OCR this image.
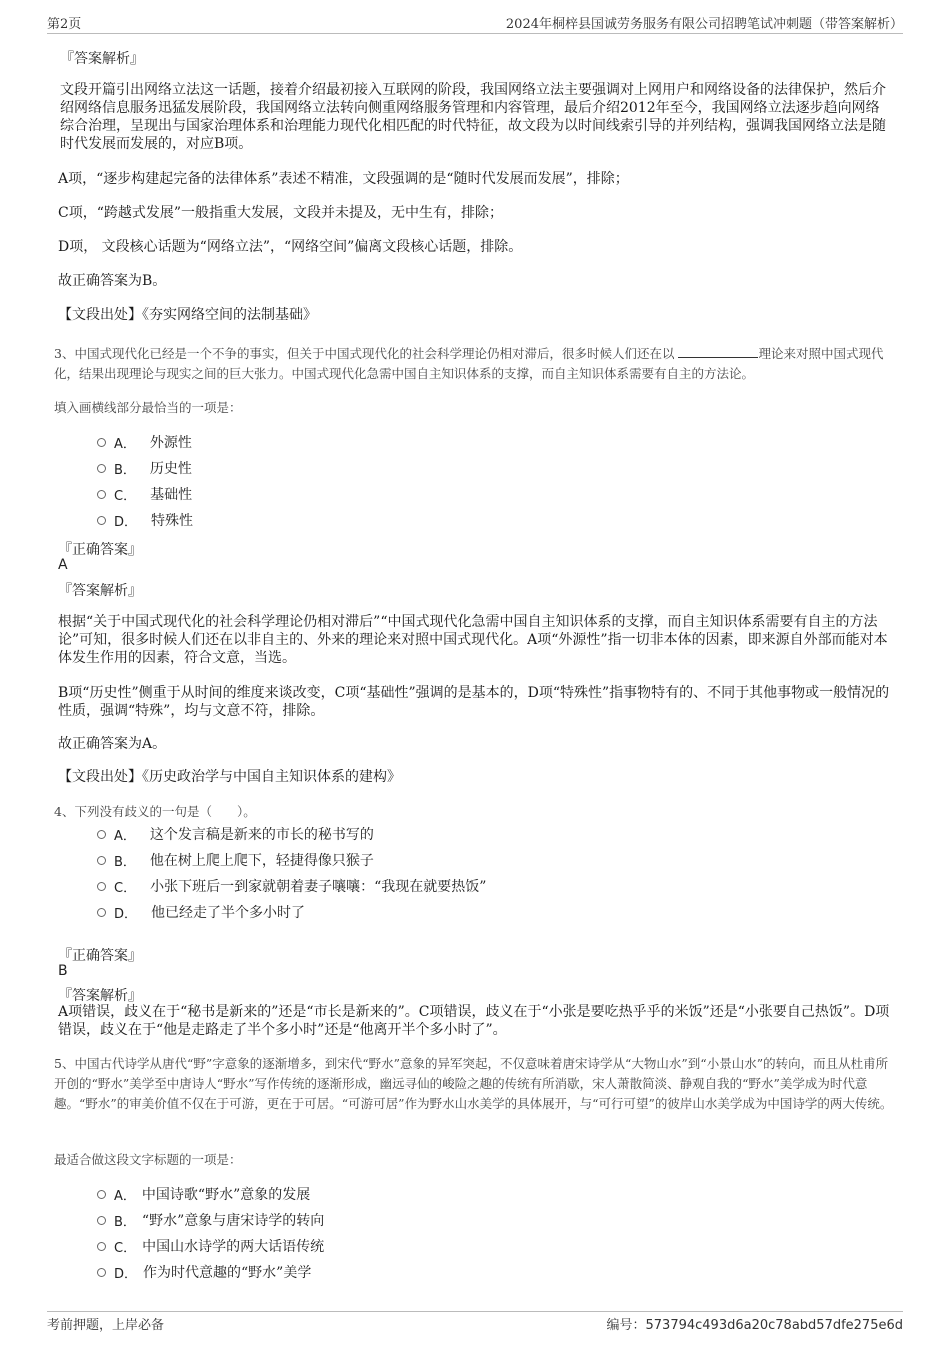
第2页	2024年桐梓县国诚劳务服务有限公司招聘笔试冲刺题（带答案解析）
『答案解析』
文段开篇引出网络立法这一话题，接着介绍最初接入互联网的阶段，我国网络立法主要强调对上网用户和网络设备的法律保护，然后介绍网络信息服务迅猛发展阶段，我国网络立法转向侧重网络服务管理和内容管理，最后介绍2012年至今，我国网络立法逐步趋向网络综合治理，呈现出与国家治理体系和治理能力现代化相匹配的时代特征，故文段为以时间线索引导的并列结构，强调我国网络立法是随时代发展而发展的，对应B项。
A项，“逐步构建起完备的法律体系”表述不精准，文段强调的是“随时代发展而发展”，排除；
C项，“跨越式发展”一般指重大发展，文段并未提及，无中生有，排除；
D项， 文段核心话题为“网络立法”，“网络空间”偏离文段核心话题，排除。
故正确答案为B。
【文段出处】《夯实网络空间的法制基础》
3、中国式现代化已经是一个不争的事实，但关于中国式现代化的社会科学理论仍相对滞后，很多时候人们还在以	理论来对照中国式现代化，结果出现理论与现实之间的巨大张力。中国式现代化急需中国自主知识体系的支撑，而自主知识体系需要有自主的方法论。
填入画横线部分最恰当的一项是：
A． 外源性
B． 历史性
C． 基础性
D． 特殊性
『正确答案』
A
『答案解析』
根据“关于中国式现代化的社会科学理论仍相对滞后”“中国式现代化急需中国自主知识体系的支撑，而自主知识体系需要有自主的方法论”可知，很多时候人们还在以非自主的、外来的理论来对照中国式现代化。A项“外源性”指一切非本体的因素，即来源自外部而能对本体发生作用的因素，符合文意，当选。
B项“历史性”侧重于从时间的维度来谈改变，C项“基础性”强调的是基本的，D项“特殊性”指事物特有的、不同于其他事物或一般情况的性质，强调“特殊”，均与文意不符，排除。
故正确答案为A。
【文段出处】《历史政治学与中国自主知识体系的建构》
4、下列没有歧义的一句是（　　）。
A． 这个发言稿是新来的市长的秘书写的
B． 他在树上爬上爬下，轻捷得像只猴子
C． 小张下班后一到家就朝着妻子嚷嚷：“我现在就要热饭”
D． 他已经走了半个多小时了
『正确答案』
B
『答案解析』
A项错误，歧义在于“秘书是新来的”还是“市长是新来的”。C项错误，歧义在于“小张是要吃热乎乎的米饭”还是“小张要自己热饭”。D项错误，歧义在于“他是走路走了半个多小时”还是“他离开半个多小时了”。
5、中国古代诗学从唐代“野”字意象的逐渐增多，到宋代“野水”意象的异军突起，不仅意味着唐宋诗学从“大物山水”到“小景山水”的转向，而且从杜甫所开创的“野水”美学至中唐诗人“野水”写作传统的逐渐形成，幽远寻仙的峻险之趣的传统有所消歇，宋人萧散简淡、静观自我的“野水”美学成为时代意趣。“野水”的审美价值不仅在于可游，更在于可居。“可游可居”作为野水山水美学的具体展开，与“可行可望”的彼岸山水美学成为中国诗学的两大传统。
最适合做这段文字标题的一项是：
A． 中国诗歌“野水”意象的发展
B． “野水”意象与唐宋诗学的转向
C． 中国山水诗学的两大话语传统
D． 作为时代意趣的“野水”美学
考前押题，上岸必备	编号：573794c493d6a20c78abd57dfe275e6d
